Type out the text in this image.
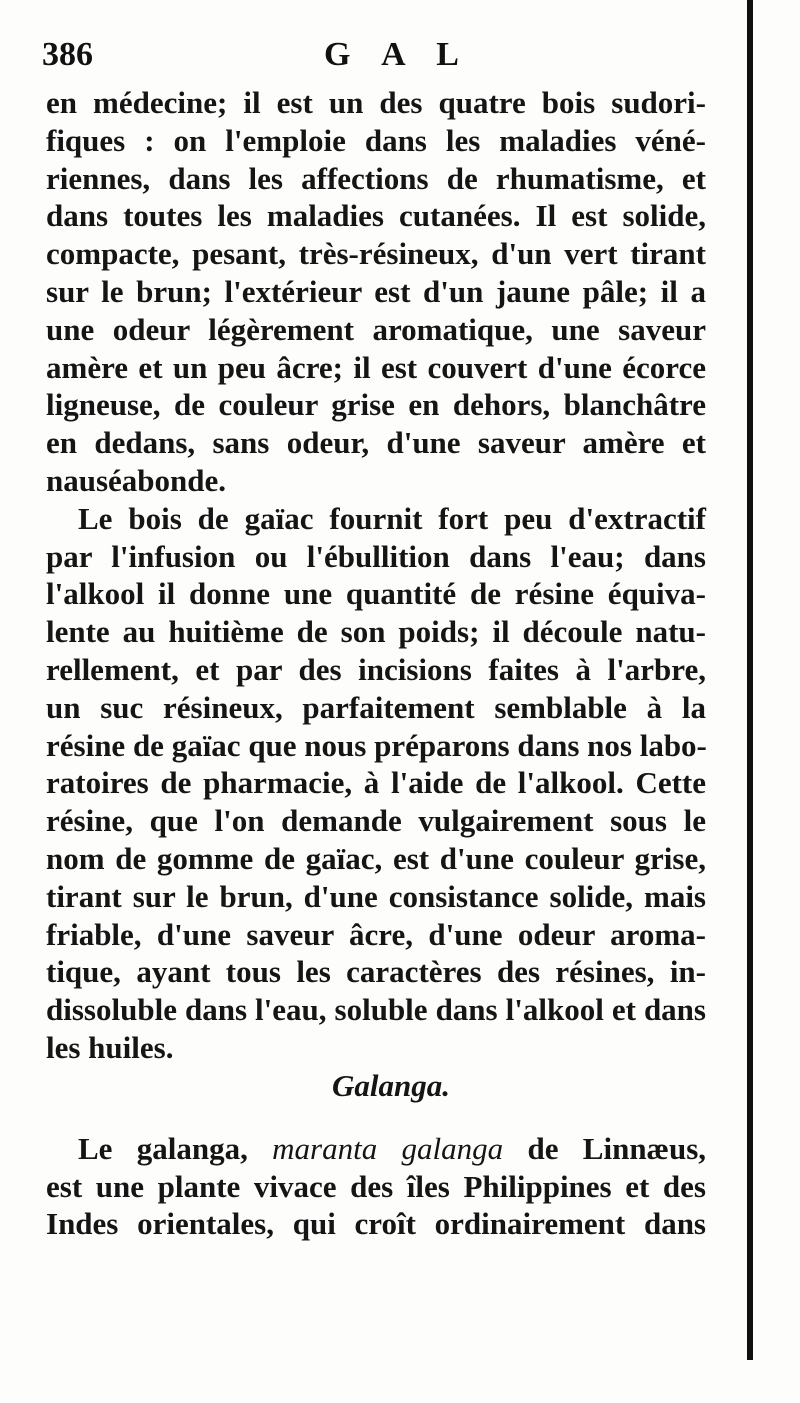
386	G A L
en médecine; il est un des quatre bois sudori-
fiques : on l'emploie dans les maladies véné-
riennes, dans les affections de rhumatisme, et
dans toutes les maladies cutanées. Il est solide,
compacte, pesant, très-résineux, d'un vert tirant
sur le brun; l'extérieur est d'un jaune pâle; il a
une odeur légèrement aromatique, une saveur
amère et un peu âcre; il est couvert d'une écorce
ligneuse, de couleur grise en dehors, blanchâtre
en dedans, sans odeur, d'une saveur amère et
nauséabonde.
Le bois de gaïac fournit fort peu d'extractif
par l'infusion ou l'ébullition dans l'eau; dans
l'alkool il donne une quantité de résine équiva-
lente au huitième de son poids; il découle natu-
rellement, et par des incisions faites à l'arbre,
un suc résineux, parfaitement semblable à la
résine de gaïac que nous préparons dans nos labo-
ratoires de pharmacie, à l'aide de l'alkool. Cette
résine, que l'on demande vulgairement sous le
nom de gomme de gaïac, est d'une couleur grise,
tirant sur le brun, d'une consistance solide, mais
friable, d'une saveur âcre, d'une odeur aroma-
tique, ayant tous les caractères des résines, in-
dissoluble dans l'eau, soluble dans l'alkool et dans
les huiles.
Galanga.
Le galanga, maranta galanga de Linnæus,
est une plante vivace des îles Philippines et des
Indes orientales, qui croît ordinairement dans
